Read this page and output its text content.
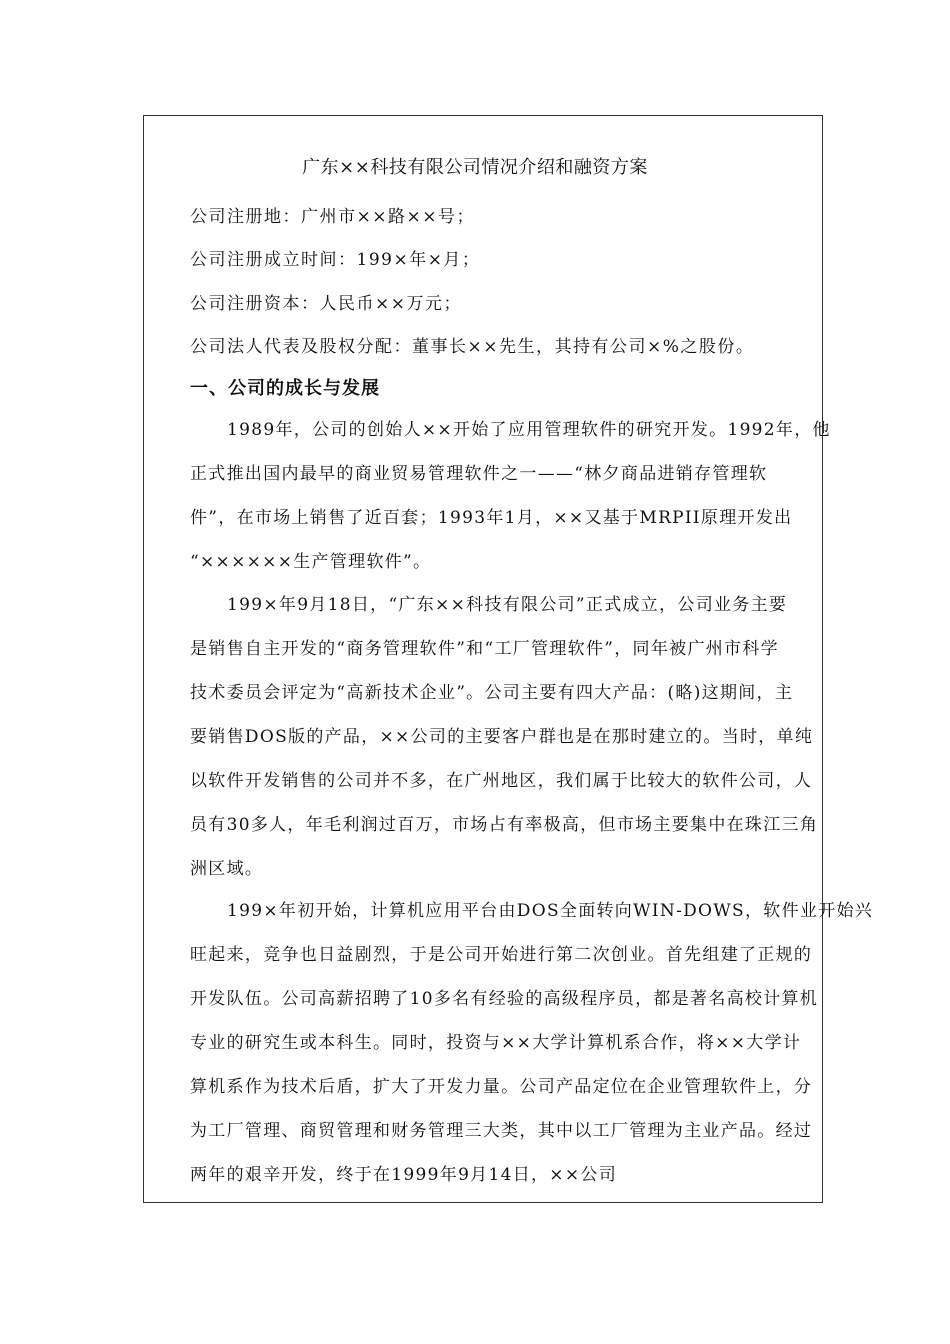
广东××科技有限公司情况介绍和融资方案
公司注册地：广州市××路××号；
公司注册成立时间：199×年×月；
公司注册资本：人民币××万元；
公司法人代表及股权分配：董事长××先生，其持有公司×%之股份。
一、公司的成长与发展
1989年，公司的创始人××开始了应用管理软件的研究开发。1992年，他
正式推出国内最早的商业贸易管理软件之一——“林夕商品进销存管理软
件”，在市场上销售了近百套；1993年1月，××又基于MRPII原理开发出
“××××××生产管理软件”。
199×年9月18日，“广东××科技有限公司”正式成立，公司业务主要
是销售自主开发的“商务管理软件”和“工厂管理软件”，同年被广州市科学
技术委员会评定为“高新技术企业”。公司主要有四大产品：(略)这期间，主
要销售DOS版的产品，××公司的主要客户群也是在那时建立的。当时，单纯
以软件开发销售的公司并不多，在广州地区，我们属于比较大的软件公司，人
员有30多人，年毛利润过百万，市场占有率极高，但市场主要集中在珠江三角
洲区域。
199×年初开始，计算机应用平台由DOS全面转向WIN-DOWS，软件业开始兴
旺起来，竞争也日益剧烈，于是公司开始进行第二次创业。首先组建了正规的
开发队伍。公司高薪招聘了10多名有经验的高级程序员，都是著名高校计算机
专业的研究生或本科生。同时，投资与××大学计算机系合作，将××大学计
算机系作为技术后盾，扩大了开发力量。公司产品定位在企业管理软件上，分
为工厂管理、商贸管理和财务管理三大类，其中以工厂管理为主业产品。经过
两年的艰辛开发，终于在1999年9月14日，××公司
